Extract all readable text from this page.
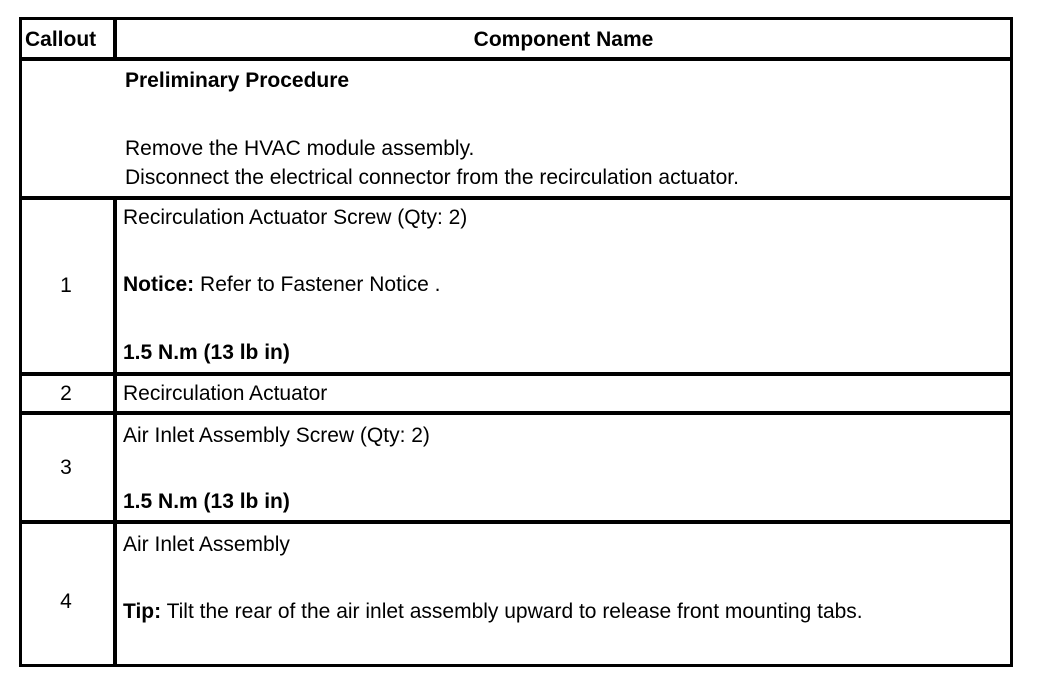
Callout	Component Name
Preliminary Procedure
Remove the HVAC module assembly.
Disconnect the electrical connector from the recirculation actuator.
1
Recirculation Actuator Screw (Qty: 2)
Notice: Refer to Fastener Notice .
1.5 N.m (13 lb in)
2	Recirculation Actuator
3
Air Inlet Assembly Screw (Qty: 2)
1.5 N.m (13 lb in)
4
Air Inlet Assembly
Tip: Tilt the rear of the air inlet assembly upward to release front mounting tabs.
